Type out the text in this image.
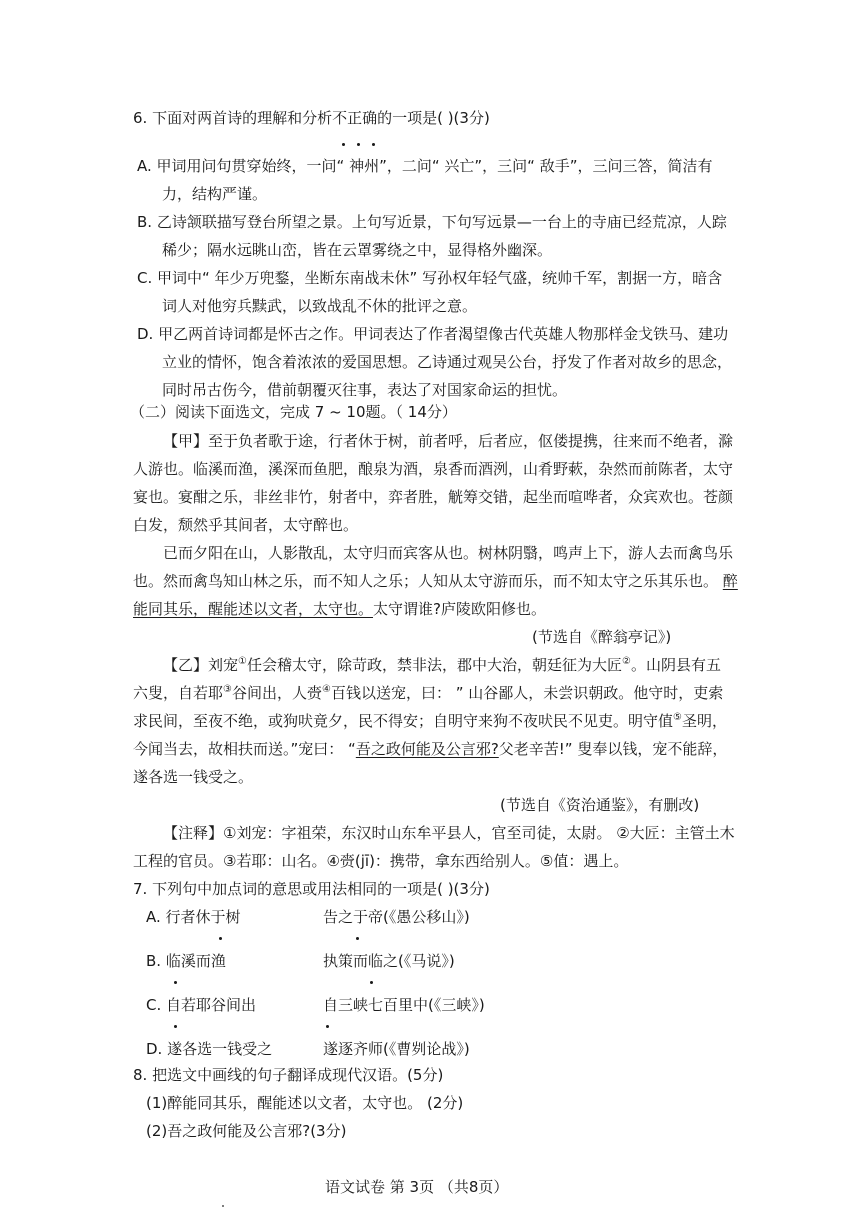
6. 下面对两首诗的理解和分析不正确的一项是( )(3分)
A. 甲词用问句贯穿始终，一问“ 神州”，二问“ 兴亡”，三问“ 敌手”，三问三答，简洁有
力，结构严谨。
B. 乙诗颔联描写登台所望之景。上句写近景，下句写远景—一台上的寺庙已经荒凉，人踪
稀少；隔水远眺山峦，皆在云罩雾绕之中，显得格外幽深。
C. 甲词中“ 年少万兜鍪，坐断东南战未休” 写孙权年轻气盛，统帅千军，割据一方，暗含
词人对他穷兵黩武，以致战乱不休的批评之意。
D. 甲乙两首诗词都是怀古之作。甲词表达了作者渴望像古代英雄人物那样金戈铁马、建功
立业的情怀，饱含着浓浓的爱国思想。乙诗通过观吴公台，抒发了作者对故乡的思念，
同时吊古伤今，借前朝覆灭往事，表达了对国家命运的担忧。
（二）阅读下面选文，完成 7 ~ 10题。（ 14分）
【甲】至于负者歌于途，行者休于树，前者呼，后者应，伛偻提携，往来而不绝者，滁
人游也。临溪而渔，溪深而鱼肥，酿泉为酒，泉香而酒洌，山肴野蔌，杂然而前陈者，太守
宴也。宴酣之乐，非丝非竹，射者中，弈者胜，觥筹交错，起坐而喧哗者，众宾欢也。苍颜
白发，颓然乎其间者，太守醉也。
已而夕阳在山，人影散乱，太守归而宾客从也。树林阴翳，鸣声上下，游人去而禽鸟乐
也。然而禽鸟知山林之乐，而不知人之乐；人知从太守游而乐，而不知太守之乐其乐也。 醉
能同其乐，醒能述以文者，太守也。太守谓谁?庐陵欧阳修也。
(节选自《醉翁亭记》)
【乙】刘宠①任会稽太守，除苛政，禁非法，郡中大治，朝廷征为大匠②。山阴县有五
六叟，自若耶③谷间出，人赍④百钱以送宠，曰： ” 山谷鄙人，未尝识朝政。他守时，吏索
求民间，至夜不绝，或狗吠竟夕，民不得安；自明守来狗不夜吠民不见吏。明守值⑤圣明，
今闻当去，故相扶而送。”宠曰： “吾之政何能及公言邪?父老辛苦!” 叟奉以钱，宠不能辞，
遂各选一钱受之。
(节选自《资治通鉴》，有删改)
【注释】①刘宠：字祖荣，东汉时山东牟平县人，官至司徒，太尉。 ②大匠：主管土木
工程的官员。③若耶：山名。④赍(jī)：携带，拿东西给别人。⑤值：遇上。
7. 下列句中加点词的意思或用法相同的一项是( )(3分)
A. 行者休于树	告之于帝(《愚公移山》)
B. 临溪而渔	执策而临之(《马说》)
C. 自若耶谷间出	自三峡七百里中(《三峡》)
D. 遂各选一钱受之	遂逐齐师(《曹刿论战》)
8. 把选文中画线的句子翻译成现代汉语。(5分)
(1)醉能同其乐，醒能述以文者，太守也。 (2分)
(2)吾之政何能及公言邪?(3分)
语文试卷 第 3页 （共8页）
